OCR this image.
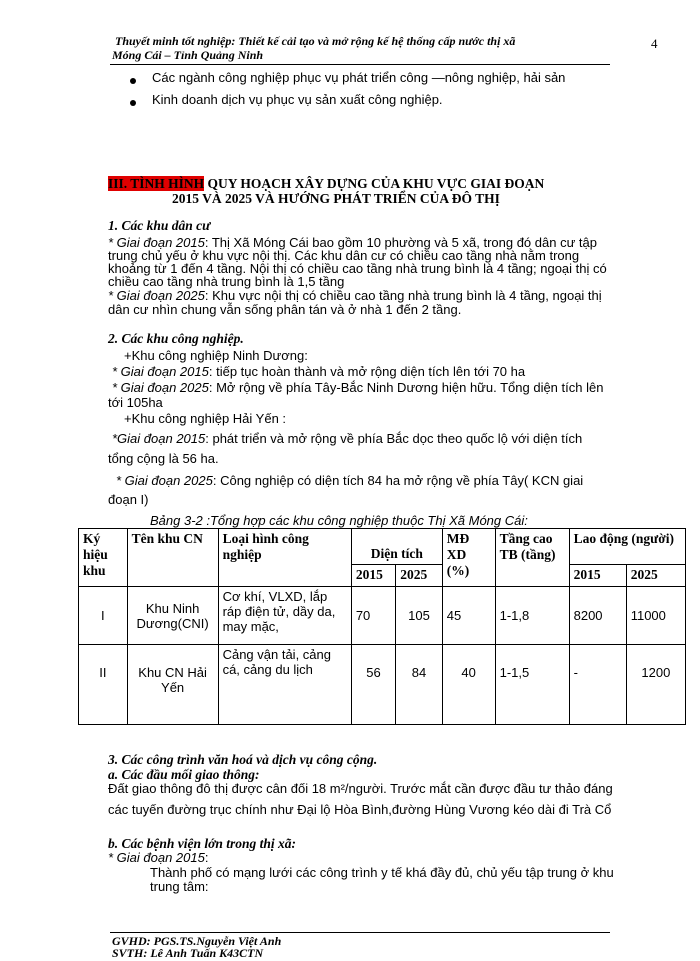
Thuyết minh tốt nghiệp: Thiết kế cải tạo và mở rộng kế hệ thống cấp nước thị xã
Móng Cái – Tỉnh Quảng Ninh
4
Các ngành công nghiệp phục vụ phát triển công —nông nghiệp, hải sản
Kinh doanh dịch vụ phục vụ sản xuất công nghiệp.
III. TÌNH HÌNH QUY HOẠCH XÂY DỰNG CỦA KHU VỰC GIAI ĐOẠN
2015 VÀ 2025 VÀ HƯỚNG PHÁT TRIỂN CỦA ĐÔ THỊ
1. Các khu dân cư
* Giai đoạn 2015: Thị Xã Móng Cái bao gồm 10 phường và 5 xã, trong đó dân cư tập
trung chủ yếu ở khu vực nội thị. Các khu dân cư có chiều cao tầng nhà nằm trong
khoảng từ 1 đến 4 tầng. Nội thị có chiều cao tầng nhà trung bình là 4 tầng; ngoại thị có
chiều cao tầng nhà trung bình là 1,5 tầng
* Giai đoạn 2025: Khu vực nội thị có chiều cao tầng nhà trung bình là 4 tầng, ngoại thị
dân cư nhìn chung vẫn sống phân tán và ở nhà 1 đến 2 tầng.
2. Các khu công nghiệp.
+Khu công nghiệp Ninh Dương:
* Giai đoạn 2015: tiếp tục hoàn thành và mở rộng diện tích lên tới 70 ha
* Giai đoạn 2025: Mở rộng về phía Tây-Bắc Ninh Dương hiện hữu. Tổng diện tích lên
tới 105ha
+Khu công nghiệp Hải Yến :
*Giai đoạn 2015: phát triển và mở rộng về phía Bắc dọc theo quốc lộ với diện tích
tổng cộng là 56 ha.
* Giai đoạn 2025: Công nghiệp có diện tích 84 ha mở rộng về phía Tây( KCN giai
đoạn I)
Bảng 3-2 :Tổng hợp các khu công nghiệp thuộc Thị Xã Móng Cái:
Ký hiệu khu	Tên khu CN	Loại hình công nghiệp	Diện tích		MĐ XD (%)	Tầng cao TB (tầng)	Lao động (người)	
			2015	2025			2015	2025
I	Khu Ninh Dương(CNI)	Cơ khí, VLXD, lắp ráp điện tử, dầy da, may mặc,	70	105	45	1-1,8	8200	11000
II	Khu CN Hải Yến	Cảng vận tải, cảng cá, cảng du lịch	56	84	40	1-1,5	-	1200
3. Các công trình văn hoá và dịch vụ công cộng.
a. Các đầu mối giao thông:
Đất giao thông đô thị được cân đối 18 m²/người. Trước mắt cần được đầu tư thảo đáng
các tuyến đường trục chính như Đại lộ Hòa Bình,đường Hùng Vương kéo dài đi Trà Cổ
b. Các bệnh viện lớn trong thị xã:
* Giai đoạn 2015:
Thành phố có mạng lưới các công trình y tế khá đầy đủ, chủ yếu tập trung ở khu
trung tâm:
GVHD: PGS.TS.Nguyễn Việt Anh
SVTH: Lê Anh Tuấn K43CTN
